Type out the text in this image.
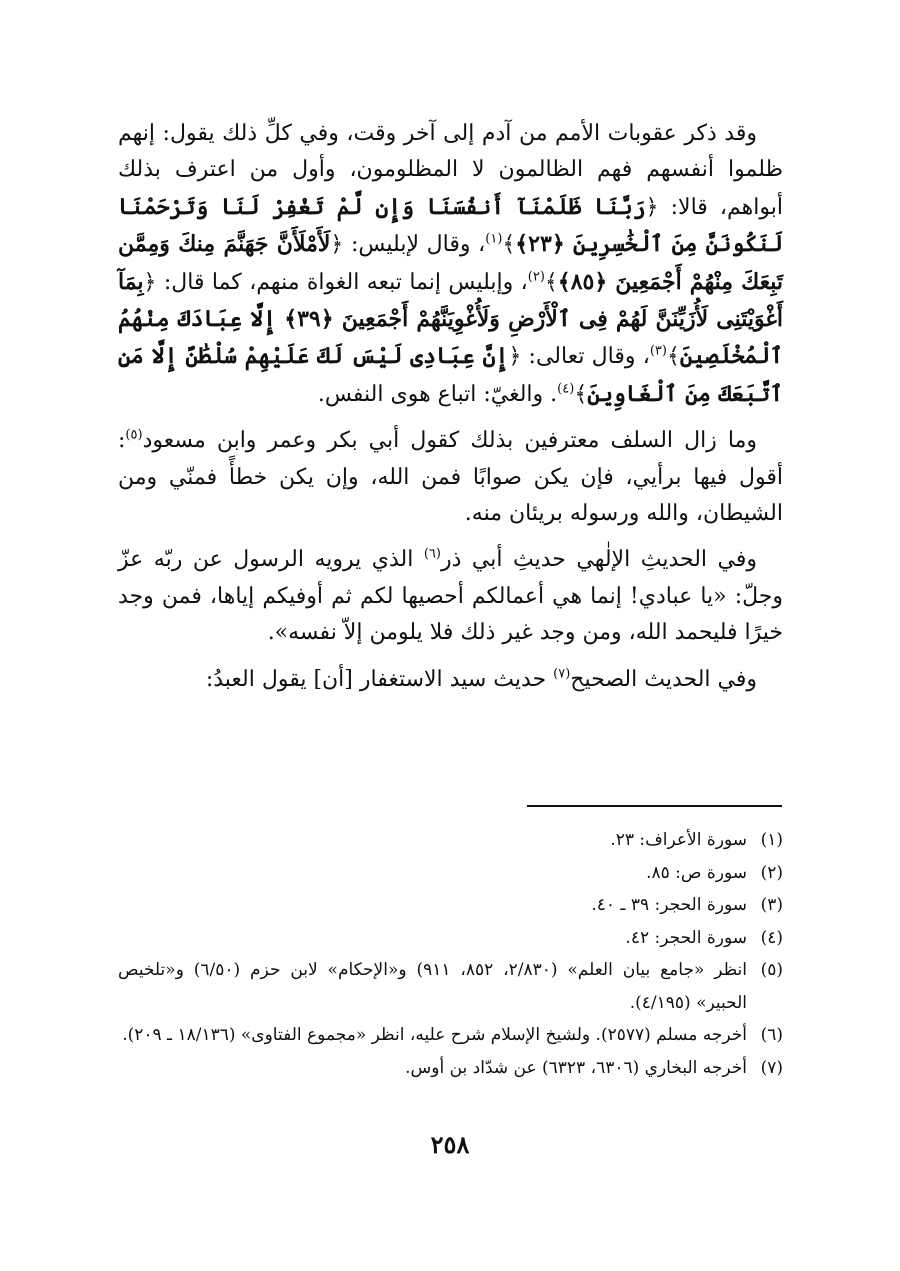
وقد ذكر عقوبات الأمم من آدم إلى آخر وقت، وفي كلِّ ذلك يقول: إنهم ظلموا أنفسهم فهم الظالمون لا المظلومون، وأول من اعترف بذلك أبواهم، قالا: ﴿رَبَّنَا ظَلَمْنَآ أَنفُسَنَا وَإِن لَّمْ تَغْفِرْ لَنَا وَتَرْحَمْنَا لَنَكُونَنَّ مِنَ ٱلْخَٰسِرِينَ ﴿٢٣﴾﴾$^{(١)}$، وقال لإبليس: ﴿لَأَمْلَأَنَّ جَهَنَّمَ مِنكَ وَمِمَّن تَبِعَكَ مِنْهُمْ أَجْمَعِينَ ﴿٨٥﴾﴾$^{(٢)}$، وإبليس إنما تبعه الغواة منهم، كما قال: ﴿بِمَآ أَغْوَيْتَنِى لَأُزَيِّنَنَّ لَهُمْ فِى ٱلْأَرْضِ وَلَأُغْوِيَنَّهُمْ أَجْمَعِينَ ﴿٣٩﴾ إِلَّا عِبَادَكَ مِنْهُمُ ٱلْمُخْلَصِينَ﴾$^{(٣)}$، وقال تعالى: ﴿إِنَّ عِبَادِى لَيْسَ لَكَ عَلَيْهِمْ سُلْطَٰنٌ إِلَّا مَنِ ٱتَّبَعَكَ مِنَ ٱلْغَاوِينَ﴾$^{(٤)}$. والغيّ: اتباع هوى النفس.

وما زال السلف معترفين بذلك كقول أبي بكر وعمر وابن مسعود$^{(٥)}$: أقول فيها برأيي، فإن يكن صوابًا فمن الله، وإن يكن خطأً فمنّي ومن الشيطان، والله ورسوله بريئان منه.

وفي الحديثِ الإلٰهي حديثِ أبي ذر$^{(٦)}$ الذي يرويه الرسول عن ربّه عزّ وجلّ: «يا عبادي! إنما هي أعمالكم أحصيها لكم ثم أوفيكم إياها، فمن وجد خيرًا فليحمد الله، ومن وجد غير ذلك فلا يلومن إلاّ نفسه».

وفي الحديث الصحيح$^{(٧)}$ حديث سيد الاستغفار [أن] يقول العبدُ:

(١)
سورة الأعراف: ٢٣.
(٢)
سورة ص: ٨٥.
(٣)
سورة الحجر: ٣٩ ـ ٤٠.
(٤)
سورة الحجر: ٤٢.
(٥)
انظر «جامع بيان العلم» (٢/٨٣٠، ٨٥٢، ٩١١) و«الإحكام» لابن حزم (٦/٥٠) و«تلخيص الحبير» (٤/١٩٥).
(٦)
أخرجه مسلم (٢٥٧٧). ولشيخ الإسلام شرح عليه، انظر «مجموع الفتاوى» (١٨/١٣٦ ـ ٢٠٩).
(٧)
أخرجه البخاري (٦٣٠٦، ٦٣٢٣) عن شدّاد بن أوس.
٢٥٨
